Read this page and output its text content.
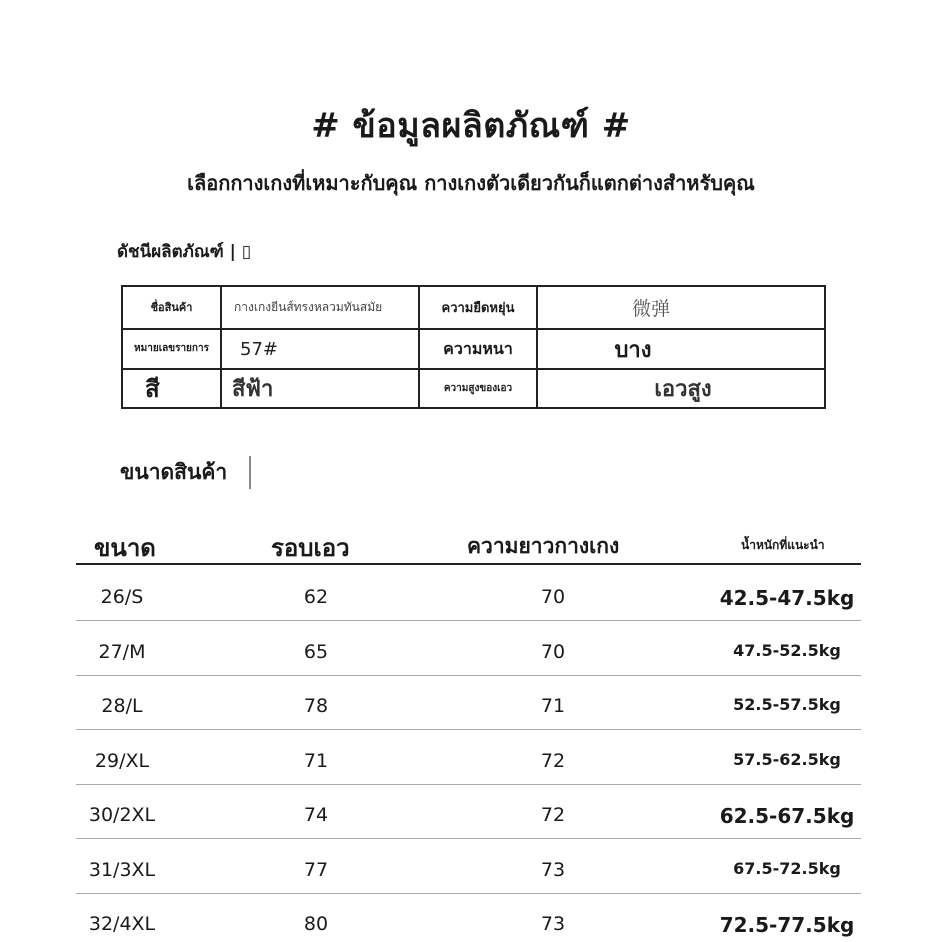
# ข้อมูลผลิตภัณฑ์ #
เลือกกางเกงที่เหมาะกับคุณ กางเกงตัวเดียวกันก็แตกต่างสำหรับคุณ
ดัชนีผลิตภัณฑ์ | ▯
ชื่อสินค้า	กางเกงยีนส์ทรงหลวมทันสมัย	ความยืดหยุ่น	微弹
หมายเลขรายการ	57#	ความหนา	บาง
สี	สีฟ้า	ความสูงของเอว	เอวสูง
ขนาดสินค้า
ขนาด	รอบเอว	ความยาวกางเกง	น้ำหนักที่แนะนำ
26/S	62	70	42.5-47.5kg
27/M	65	70	47.5-52.5kg
28/L	78	71	52.5-57.5kg
29/XL	71	72	57.5-62.5kg
30/2XL	74	72	62.5-67.5kg
31/3XL	77	73	67.5-72.5kg
32/4XL	80	73	72.5-77.5kg
